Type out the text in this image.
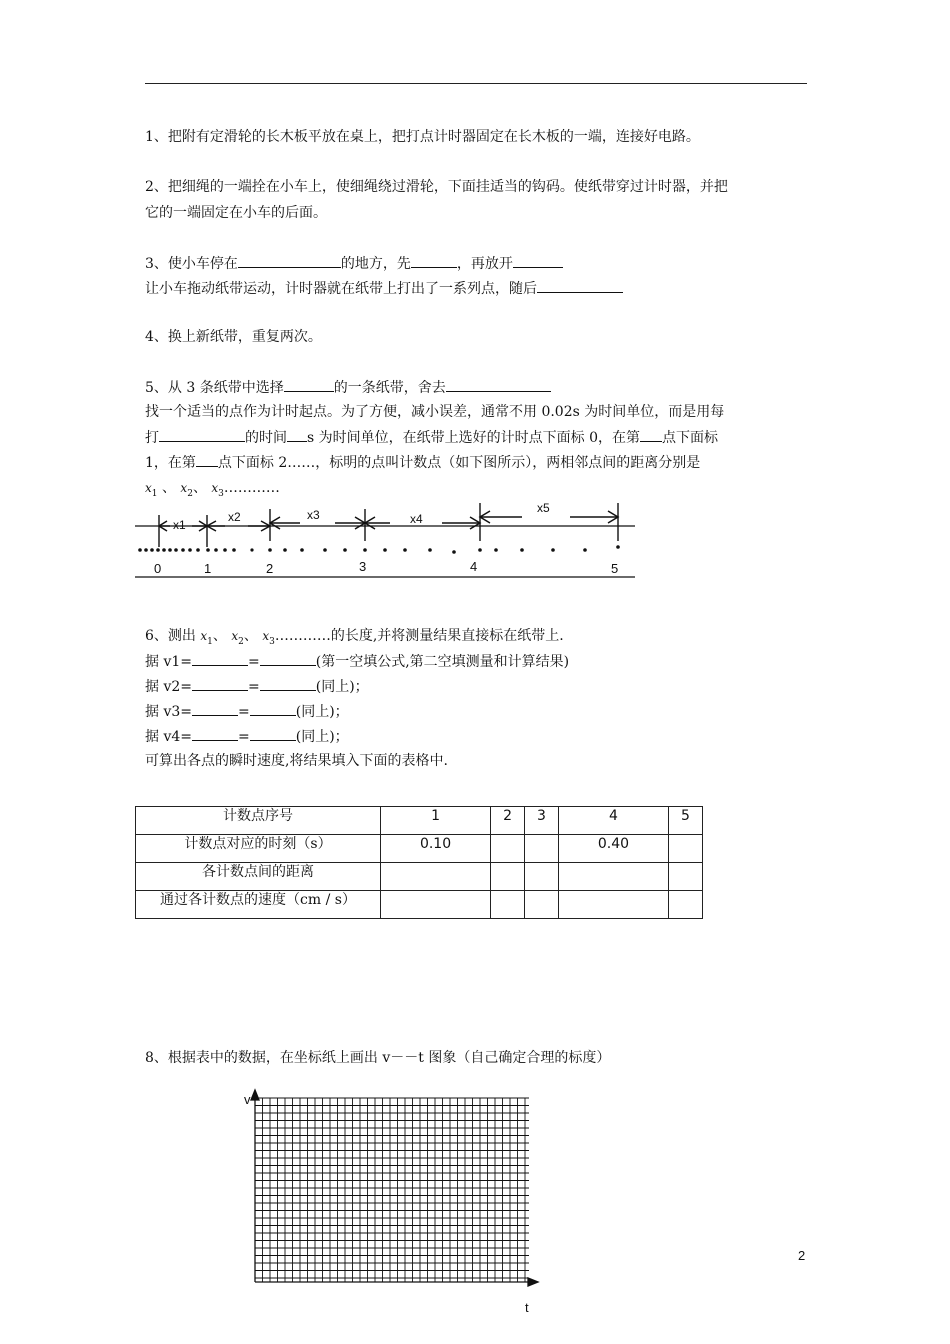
1、把附有定滑轮的长木板平放在桌上，把打点计时器固定在长木板的一端，连接好电路。
2、把细绳的一端拴在小车上，使细绳绕过滑轮，下面挂适当的钩码。使纸带穿过计时器，并把
它的一端固定在小车的后面。
3、使小车停在	的地方，先	，再放开
让小车拖动纸带运动，计时器就在纸带上打出了一系列点，随后
4、换上新纸带，重复两次。
5、从 3 条纸带中选择	的一条纸带，舍去
找一个适当的点作为计时起点。为了方便，减小误差，通常不用 0.02s 为时间单位，而是用每
打	的时间 s 为时间单位，在纸带上选好的计时点下面标 0，在第 点下面标
1，在第 点下面标 2……，标明的点叫计数点（如下图所示），两相邻点间的距离分别是
$x_1$ 、 $x_2$、 $x_3\dots\dots\dots\dots$
x1
x2	x3	x4
x5
0	1	2	3	4	5
6、测出 $x_1$、 $x_2$、 $x_3\dots\dots\dots\dots$的长度,并将测量结果直接标在纸带上.
据 v1=	=	(第一空填公式,第二空填测量和计算结果)
据 v2=	=	(同上)；
据 v3=	=	(同上)；
据 v4=	=	(同上)；
可算出各点的瞬时速度,将结果填入下面的表格中.
计数点序号	1	2	3	4	5
计数点对应的时刻（s）	0.10			0.40	
各计数点间的距离					
通过各计数点的速度（cm / s）					
8、根据表中的数据，在坐标纸上画出 v－－t 图象（自己确定合理的标度）
v
t
2
